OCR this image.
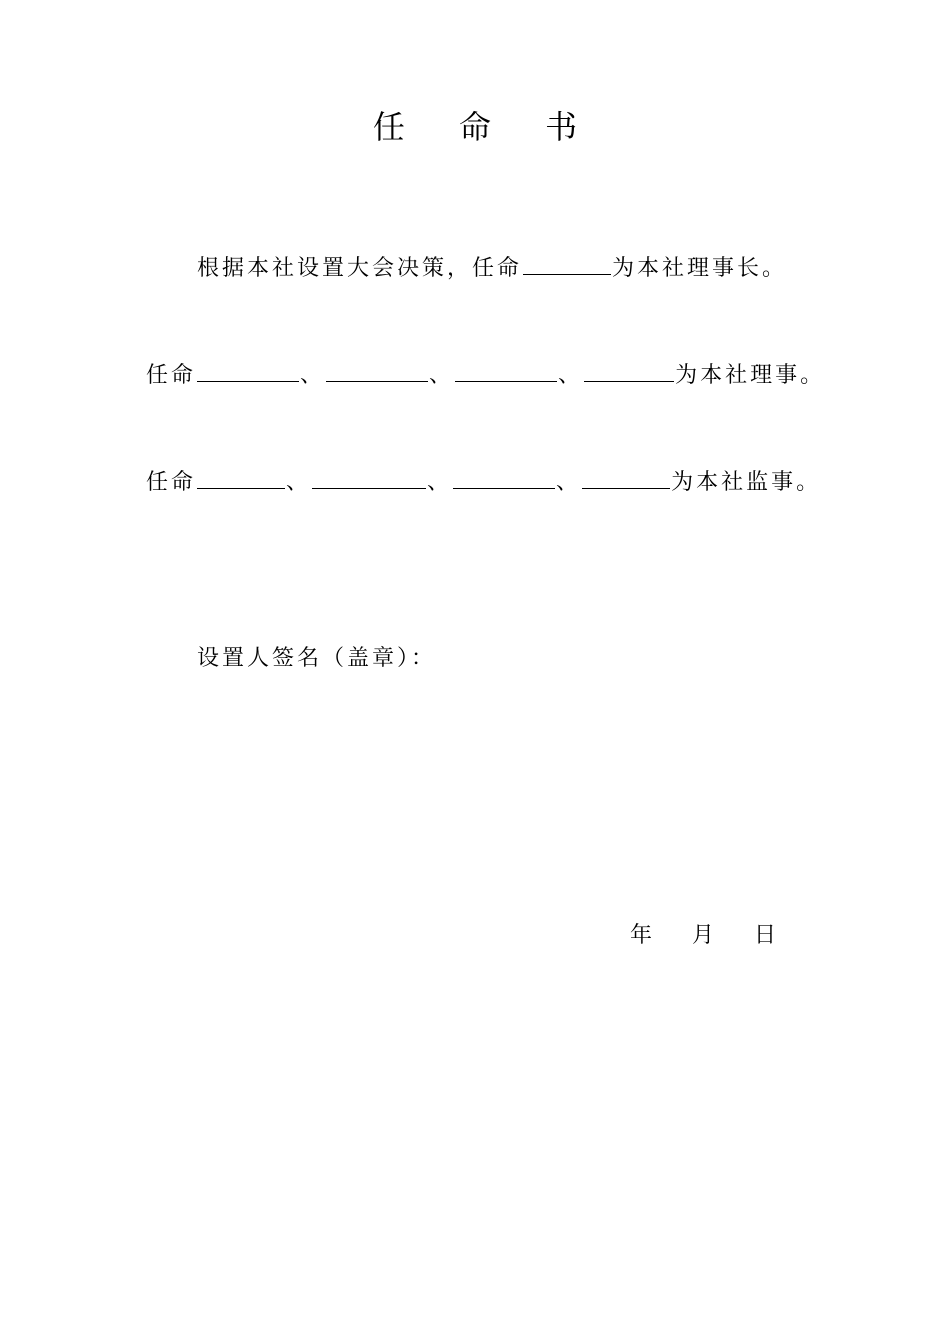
任 命 书
根据本社设置大会决策，任命	为本社理事长。
任命	、	、	、	为本社理事。
任命	、	、	、	为本社监事。
设置人签名（盖章）：
年 月 日
